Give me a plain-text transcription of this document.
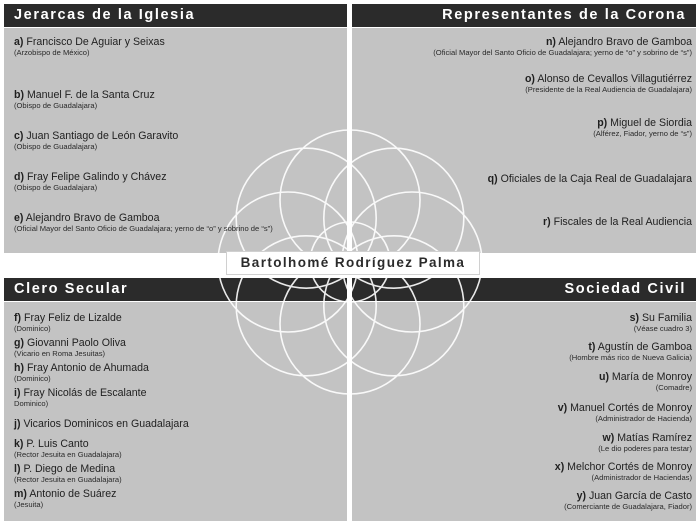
Jerarcas de la Iglesia	Representantes de la Corona
Clero Secular	Sociedad Civil
Bartolhomé Rodríguez Palma
a) Francisco De Aguiar y Seixas
(Arzobispo de México)
b) Manuel F. de la Santa Cruz
(Obispo de Guadalajara)
c) Juan Santiago de León Garavito
(Obispo de Guadalajara)
d) Fray Felipe Galindo y Chávez
(Obispo de Guadalajara)
e) Alejandro Bravo de Gamboa
(Oficial Mayor del Santo Oficio de Guadalajara; yerno de “o” y sobrino de “s”)
n) Alejandro Bravo de Gamboa
(Oficial Mayor del Santo Oficio de Guadalajara; yerno de “o” y sobrino de “s”)
o) Alonso de Cevallos Villagutiérrez
(Presidente de la Real Audiencia de Guadalajara)
p) Miguel de Siordia
(Alférez, Fiador, yerno de “s”)
q) Oficiales de la Caja Real de Guadalajara
r) Fiscales de la Real Audiencia
f) Fray Feliz de Lizalde
(Dominico)
g) Giovanni Paolo Oliva
(Vicario en Roma Jesuitas)
h) Fray Antonio de Ahumada
(Dominico)
i) Fray Nicolás de Escalante
Dominico)
j) Vicarios Dominicos en Guadalajara
k) P. Luis Canto
(Rector Jesuita en Guadalajara)
l) P. Diego de Medina
(Rector Jesuita en Guadalajara)
m) Antonio de Suárez
(Jesuita)
s) Su Familia
(Véase cuadro 3)
t) Agustín de Gamboa
(Hombre más rico de Nueva Galicia)
u) María de Monroy
(Comadre)
v) Manuel Cortés de Monroy
(Administrador de Hacienda)
w) Matías Ramírez
(Le dio poderes para testar)
x) Melchor Cortés de Monroy
(Administrador de Haciendas)
y) Juan García de Casto
(Comerciante de Guadalajara, Fiador)
